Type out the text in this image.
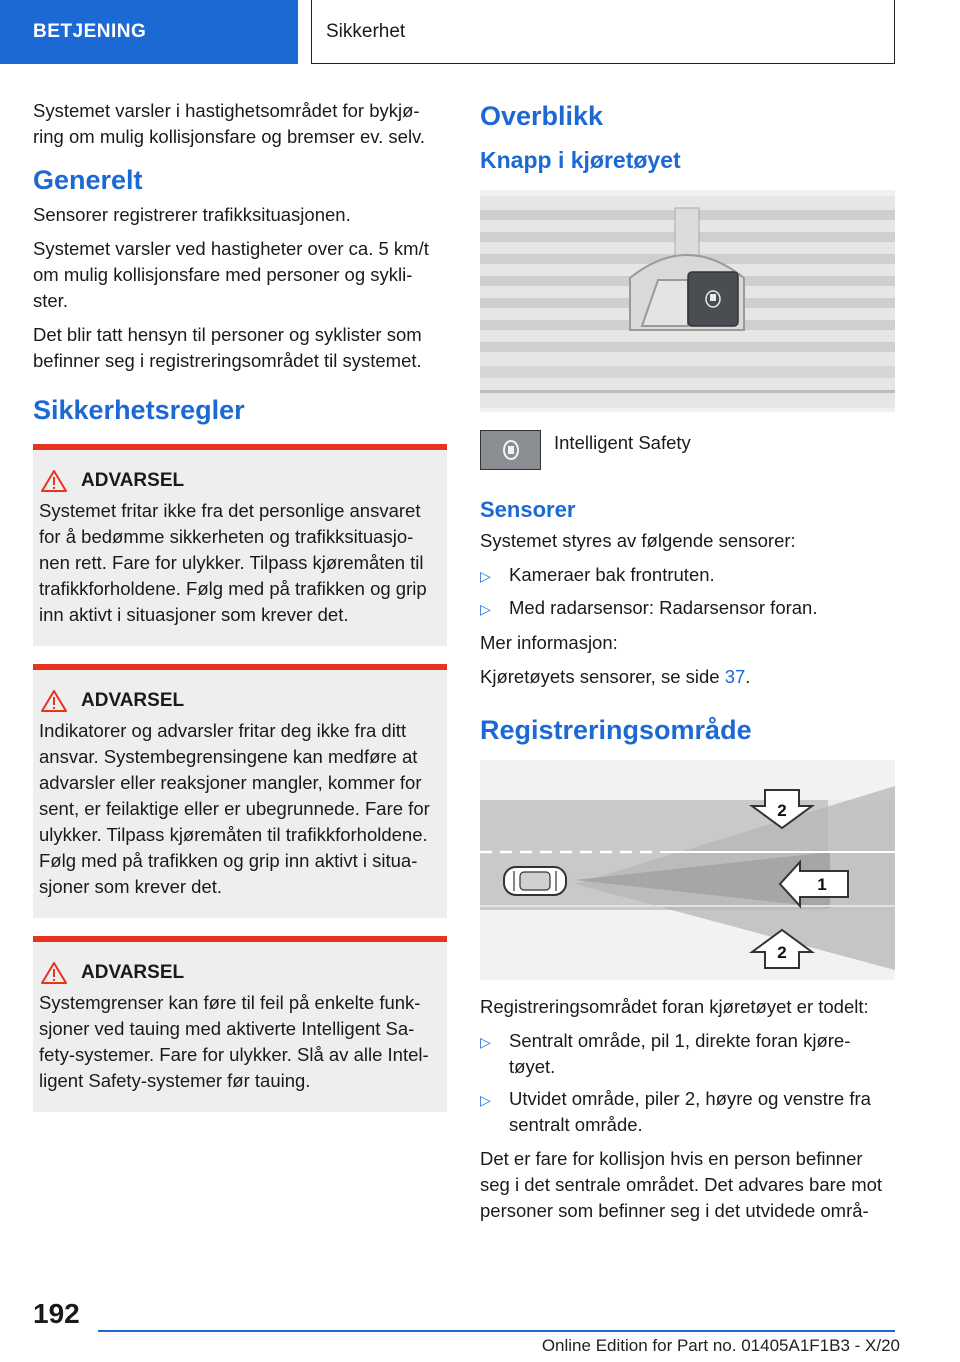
BETJENING	Sikkerhet

Systemet varsler i hastighetsområdet for bykjø-ring om mulig kollisjonsfare og bremser ev. selv.

Generelt

Sensorer registrerer trafikksituasjonen.

Systemet varsler ved hastigheter over ca. 5 km/t om mulig kollisjonsfare med personer og sykli-ster.

Det blir tatt hensyn til personer og syklister som befinner seg i registreringsområdet til systemet.

Sikkerhetsregler
ADVARSEL

Systemet fritar ikke fra det personlige ansvaret for å bedømme sikkerheten og trafikksituasjo-nen rett. Fare for ulykker. Tilpass kjøremåten til trafikkforholdene. Følg med på trafikken og grip inn aktivt i situasjoner som krever det.

ADVARSEL

Indikatorer og advarsler fritar deg ikke fra ditt ansvar. Systembegrensingene kan medføre at advarsler eller reaksjoner mangler, kommer for sent, er feilaktige eller er ubegrunnede. Fare for ulykker. Tilpass kjøremåten til trafikkforholdene. Følg med på trafikken og grip inn aktivt i situa-sjoner som krever det.

ADVARSEL

Systemgrenser kan føre til feil på enkelte funk-sjoner ved tauing med aktiverte Intelligent Sa-fety-systemer. Fare for ulykker. Slå av alle Intel-ligent Safety-systemer før tauing.

Overblikk
Knapp i kjøretøyet
Intelligent Safety
Sensorer

Systemet styres av følgende sensorer:

▷ Kameraer bak frontruten.
▷ Med radarsensor: Radarsensor foran.

Mer informasjon:

Kjøretøyets sensorer, se side 37.

Registreringsområde
2
1
2

Registreringsområdet foran kjøretøyet er todelt:

▷ Sentralt område, pil 1, direkte foran kjøre-tøyet.
▷ Utvidet område, piler 2, høyre og venstre fra sentralt område.

Det er fare for kollisjon hvis en person befinner seg i det sentrale området. Det advares bare mot personer som befinner seg i det utvidede områ-

192
Online Edition for Part no. 01405A1F1B3 - X/20
